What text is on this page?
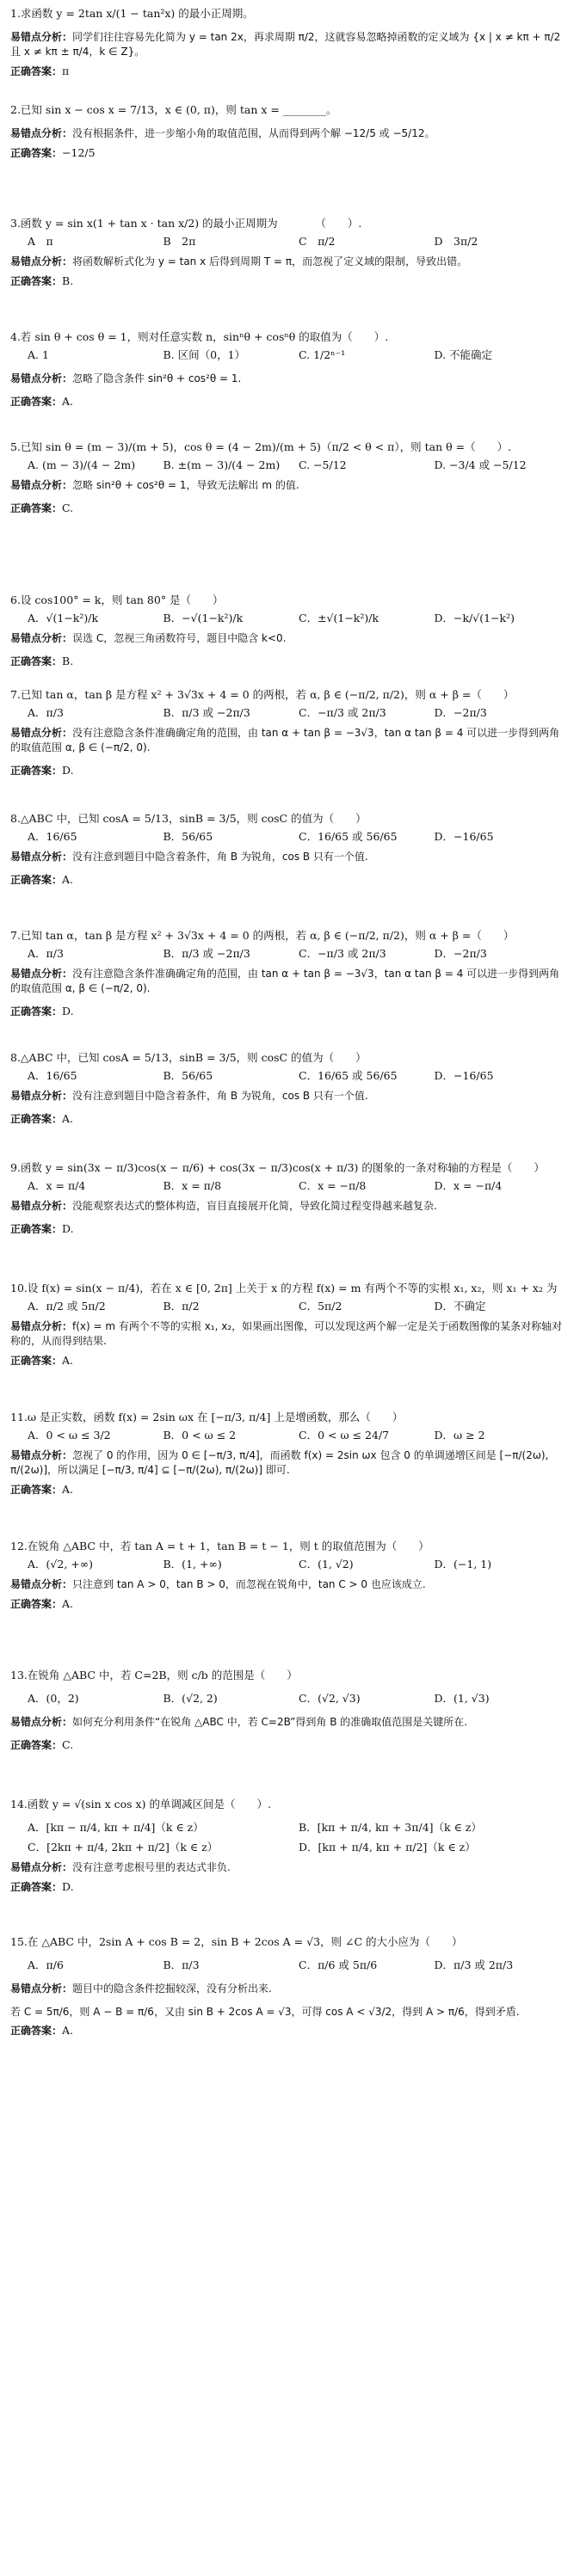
1.求函数 y = 2tan x/(1 − tan²x) 的最小正周期。

易错点分析：同学们往往容易先化简为 y = tan 2x，再求周期 π/2，这就容易忽略掉函数的定义域为 {x | x ≠ kπ + π/2 且 x ≠ kπ ± π/4，k ∈ Z}。

正确答案：π

2.已知 sin x − cos x = 7/13，x ∈ (0, π)，则 tan x = ________。

易错点分析：没有根据条件，进一步缩小角的取值范围，从而得到两个解 −12/5 或 −5/12。

正确答案：−12/5

3.函数 y = sin x(1 + tan x · tan x/2) 的最小正周期为　　　　（　　）.

A　π	B　2π	C　π/2	D　3π/2

易错点分析：将函数解析式化为 y = tan x 后得到周期 T = π，而忽视了定义域的限制，导致出错。

正确答案：B.

4.若 sin θ + cos θ = 1，则对任意实数 n，sinⁿθ + cosⁿθ 的取值为（　　）.

A. 1	B. 区间（0，1）	C. 1/2ⁿ⁻¹	D. 不能确定

易错点分析：忽略了隐含条件 sin²θ + cos²θ = 1.

正确答案：A.

5.已知 sin θ = (m − 3)/(m + 5)，cos θ = (4 − 2m)/(m + 5)（π/2 < θ < π），则 tan θ =（　　）.

A. (m − 3)/(4 − 2m)	B. ±(m − 3)/(4 − 2m)	C. −5/12	D. −3/4 或 −5/12

易错点分析：忽略 sin²θ + cos²θ = 1，导致无法解出 m 的值.

正确答案：C.

6.设 cos100° = k，则 tan 80° 是（　　）

A．√(1−k²)/k	B．−√(1−k²)/k	C．±√(1−k²)/k	D．−k/√(1−k²)

易错点分析：误选 C，忽视三角函数符号，题目中隐含 k<0.

正确答案：B.

7.已知 tan α，tan β 是方程 x² + 3√3x + 4 = 0 的两根，若 α, β ∈ (−π/2, π/2)，则 α + β =（　　）

A．π/3	B．π/3 或 −2π/3	C．−π/3 或 2π/3	D．−2π/3

易错点分析：没有注意隐含条件准确确定角的范围，由 tan α + tan β = −3√3，tan α tan β = 4 可以进一步得到两角的取值范围 α, β ∈ (−π/2, 0).

正确答案：D.

8.△ABC 中，已知 cosA = 5/13，sinB = 3/5，则 cosC 的值为（　　）

A．16/65	B．56/65	C．16/65 或 56/65	D．−16/65

易错点分析：没有注意到题目中隐含着条件，角 B 为锐角，cos B 只有一个值.

正确答案：A.

7.已知 tan α，tan β 是方程 x² + 3√3x + 4 = 0 的两根，若 α, β ∈ (−π/2, π/2)，则 α + β =（　　）

A．π/3	B．π/3 或 −2π/3	C．−π/3 或 2π/3	D．−2π/3

易错点分析：没有注意隐含条件准确确定角的范围，由 tan α + tan β = −3√3，tan α tan β = 4 可以进一步得到两角的取值范围 α, β ∈ (−π/2, 0).

正确答案：D.

8.△ABC 中，已知 cosA = 5/13，sinB = 3/5，则 cosC 的值为（　　）

A．16/65	B．56/65	C．16/65 或 56/65	D．−16/65

易错点分析：没有注意到题目中隐含着条件，角 B 为锐角，cos B 只有一个值.

正确答案：A.

9.函数 y = sin(3x − π/3)cos(x − π/6) + cos(3x − π/3)cos(x + π/3) 的图象的一条对称轴的方程是（　　）

A．x = π/4	B．x = π/8	C．x = −π/8	D．x = −π/4

易错点分析：没能观察表达式的整体构造，盲目直接展开化简，导致化简过程变得越来越复杂.

正确答案：D.

10.设 f(x) = sin(x − π/4)，若在 x ∈ [0, 2π] 上关于 x 的方程 f(x) = m 有两个不等的实根 x₁, x₂，则 x₁ + x₂ 为

A．π/2 或 5π/2	B．π/2	C．5π/2	D．不确定

易错点分析：f(x) = m 有两个不等的实根 x₁, x₂，如果画出图像，可以发现这两个解一定是关于函数图像的某条对称轴对称的，从而得到结果.

正确答案：A.

11.ω 是正实数，函数 f(x) = 2sin ωx 在 [−π/3, π/4] 上是增函数，那么（　　）

A．0 < ω ≤ 3/2	B．0 < ω ≤ 2	C．0 < ω ≤ 24/7	D．ω ≥ 2

易错点分析：忽视了 0 的作用，因为 0 ∈ [−π/3, π/4]，而函数 f(x) = 2sin ωx 包含 0 的单调递增区间是 [−π/(2ω), π/(2ω)]，所以满足 [−π/3, π/4] ⊆ [−π/(2ω), π/(2ω)] 即可.

正确答案：A.

12.在锐角 △ABC 中，若 tan A = t + 1，tan B = t − 1，则 t 的取值范围为（　　）

A．(√2, +∞)	B．(1, +∞)	C．(1, √2)	D．(−1, 1)

易错点分析：只注意到 tan A > 0，tan B > 0，而忽视在锐角中，tan C > 0 也应该成立.

正确答案：A.

13.在锐角 △ABC 中，若 C=2B，则 c/b 的范围是（　　）

A．(0，2)	B．(√2, 2)	C．(√2, √3)	D．(1, √3)

易错点分析：如何充分利用条件“在锐角 △ABC 中，若 C=2B”得到角 B 的准确取值范围是关键所在.

正确答案：C.

14.函数 y = √(sin x cos x) 的单调减区间是（　　）.

A．[kπ − π/4, kπ + π/4]（k ∈ z）	B．[kπ + π/4, kπ + 3π/4]（k ∈ z）
C．[2kπ + π/4, 2kπ + π/2]（k ∈ z）	D．[kπ + π/4, kπ + π/2]（k ∈ z）

易错点分析：没有注意考虑根号里的表达式非负.

正确答案：D.

15.在 △ABC 中，2sin A + cos B = 2，sin B + 2cos A = √3，则 ∠C 的大小应为（　　）

A．π/6	B．π/3	C．π/6 或 5π/6	D．π/3 或 2π/3

易错点分析：题目中的隐含条件挖掘较深，没有分析出来.

若 C = 5π/6，则 A − B = π/6，又由 sin B + 2cos A = √3，可得 cos A < √3/2，得到 A > π/6，得到矛盾.

正确答案：A.
